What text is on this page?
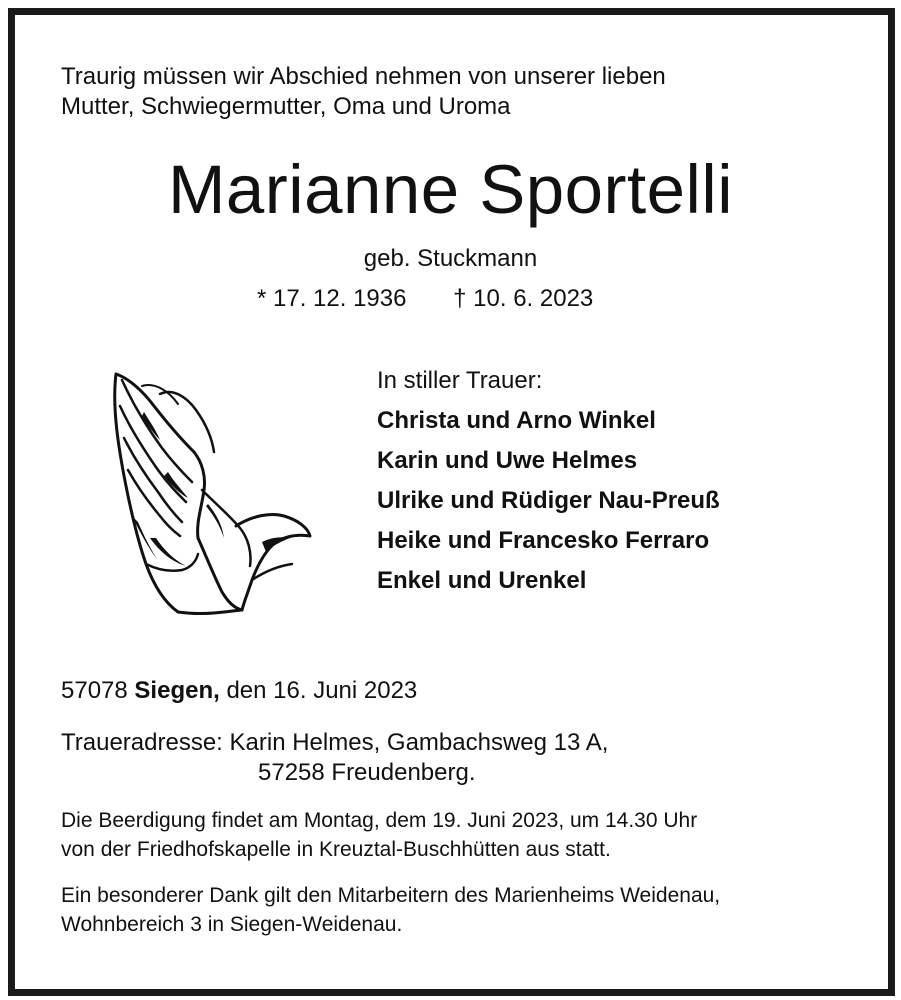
Traurig müssen wir Abschied nehmen von unserer lieben
Mutter, Schwiegermutter, Oma und Uroma
Marianne Sportelli
geb. Stuckmann
* 17. 12. 1936 † 10. 6. 2023
In stiller Trauer:
Christa und Arno Winkel
Karin und Uwe Helmes
Ulrike und Rüdiger Nau-Preuß
Heike und Francesko Ferraro
Enkel und Urenkel
57078 Siegen, den 16. Juni 2023
Traueradresse: Karin Helmes, Gambachsweg 13 A,
57258 Freudenberg.
Die Beerdigung findet am Montag, dem 19. Juni 2023, um 14.30 Uhr
von der Friedhofskapelle in Kreuztal-Buschhütten aus statt.
Ein besonderer Dank gilt den Mitarbeitern des Marienheims Weidenau,
Wohnbereich 3 in Siegen-Weidenau.
